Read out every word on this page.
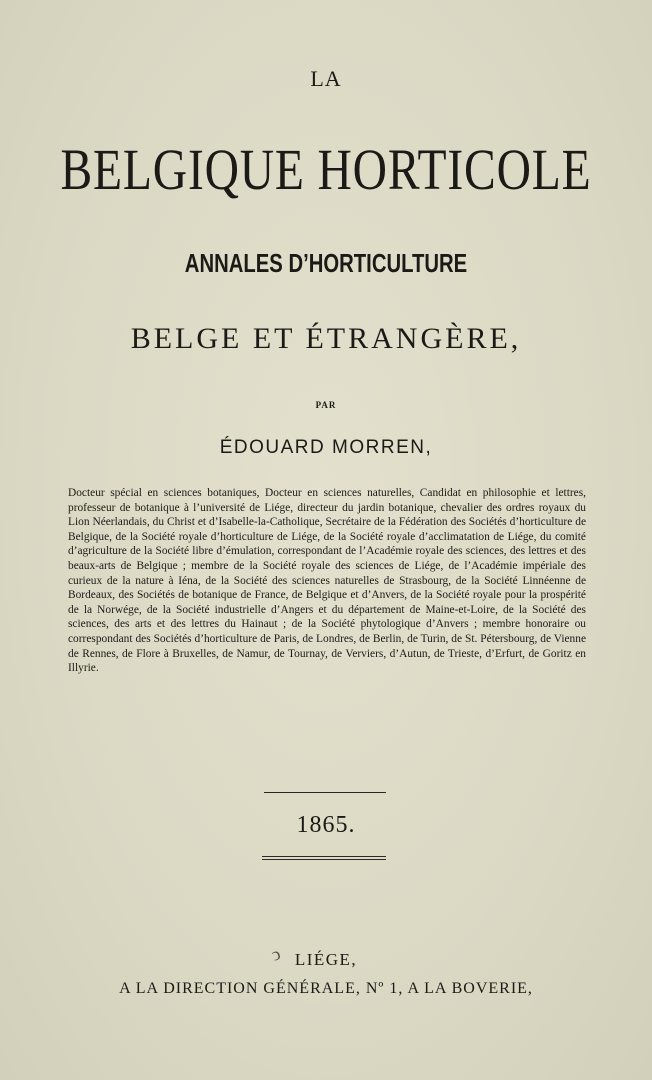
LA
BELGIQUE HORTICOLE
ANNALES D’HORTICULTURE
BELGE ET ÉTRANGÈRE,
PAR
ÉDOUARD MORREN,
Docteur spécial en sciences botaniques, Docteur en sciences naturelles, Candidat en philosophie et lettres, professeur de botanique à l’université de Liége, directeur du jardin botanique, chevalier des ordres royaux du Lion Néerlandais, du Christ et d’Isabelle-la-Catholique, Secrétaire de la Fédération des Sociétés d’horticulture de Belgique, de la Société royale d’horticulture de Liége, de la Société royale d’acclimatation de Liége, du comité d’agriculture de la Société libre d’émulation, correspondant de l’Académie royale des sciences, des lettres et des beaux-arts de Belgique ; membre de la Société royale des sciences de Liége, de l’Académie impériale des curieux de la nature à Iéna, de la Société des sciences naturelles de Strasbourg, de la Société Linnéenne de Bordeaux, des Sociétés de botanique de France, de Belgique et d’Anvers, de la Société royale pour la prospérité de la Norwége, de la Société industrielle d’Angers et du département de Maine-et-Loire, de la Société des sciences, des arts et des lettres du Hainaut ; de la Société phytologique d’Anvers ; membre honoraire ou correspondant des Sociétés d’horticulture de Paris, de Londres, de Berlin, de Turin, de St. Pétersbourg, de Vienne de Rennes, de Flore à Bruxelles, de Namur, de Tournay, de Verviers, d’Autun, de Trieste, d’Erfurt, de Goritz en Illyrie.
1865.
ↄ LIÉGE,
A LA DIRECTION GÉNÉRALE, Nº 1, A LA BOVERIE,
